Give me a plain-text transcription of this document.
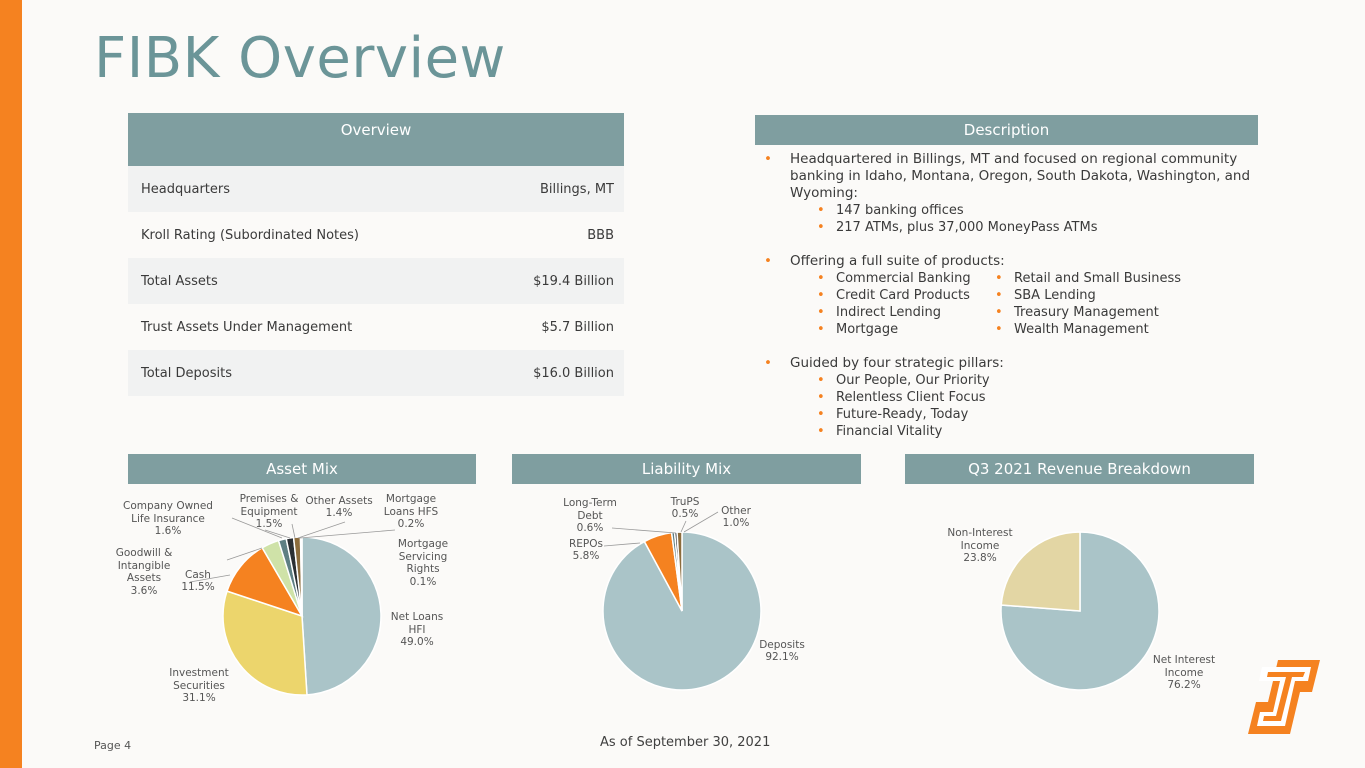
FIBK Overview
Overview
Headquarters	Billings, MT
Kroll Rating (Subordinated Notes)	BBB
Total Assets	$19.4 Billion
Trust Assets Under Management	$5.7 Billion
Total Deposits	$16.0 Billion
Description
• Headquartered in Billings, MT and focused on regional community banking in Idaho, Montana, Oregon, South Dakota, Washington, and Wyoming:
• 147 banking offices
• 217 ATMs, plus 37,000 MoneyPass ATMs
• Offering a full suite of products:
• Commercial Banking
• Credit Card Products
• Indirect Lending
• Mortgage
• Retail and Small Business
• SBA Lending
• Treasury Management
• Wealth Management
• Guided by four strategic pillars:
• Our People, Our Priority
• Relentless Client Focus
• Future-Ready, Today
• Financial Vitality
Asset Mix	Liability Mix	Q3 2021 Revenue Breakdown
Net Loans
HFI
49.0%
Investment
Securities
31.1%
Cash
11.5%
Goodwill &
Intangible
Assets
3.6%
Company Owned
Life Insurance
1.6%
Premises &
Equipment
1.5%
Other Assets
1.4%
Mortgage
Loans HFS
0.2%
Mortgage
Servicing
Rights
0.1%
Deposits
92.1%
REPOs
5.8%
Long-Term
Debt
0.6%
TruPS
0.5% Other
1.0%
Net Interest
Income
76.2%
Non-Interest
Income
23.8%
Page 4	As of September 30, 2021
